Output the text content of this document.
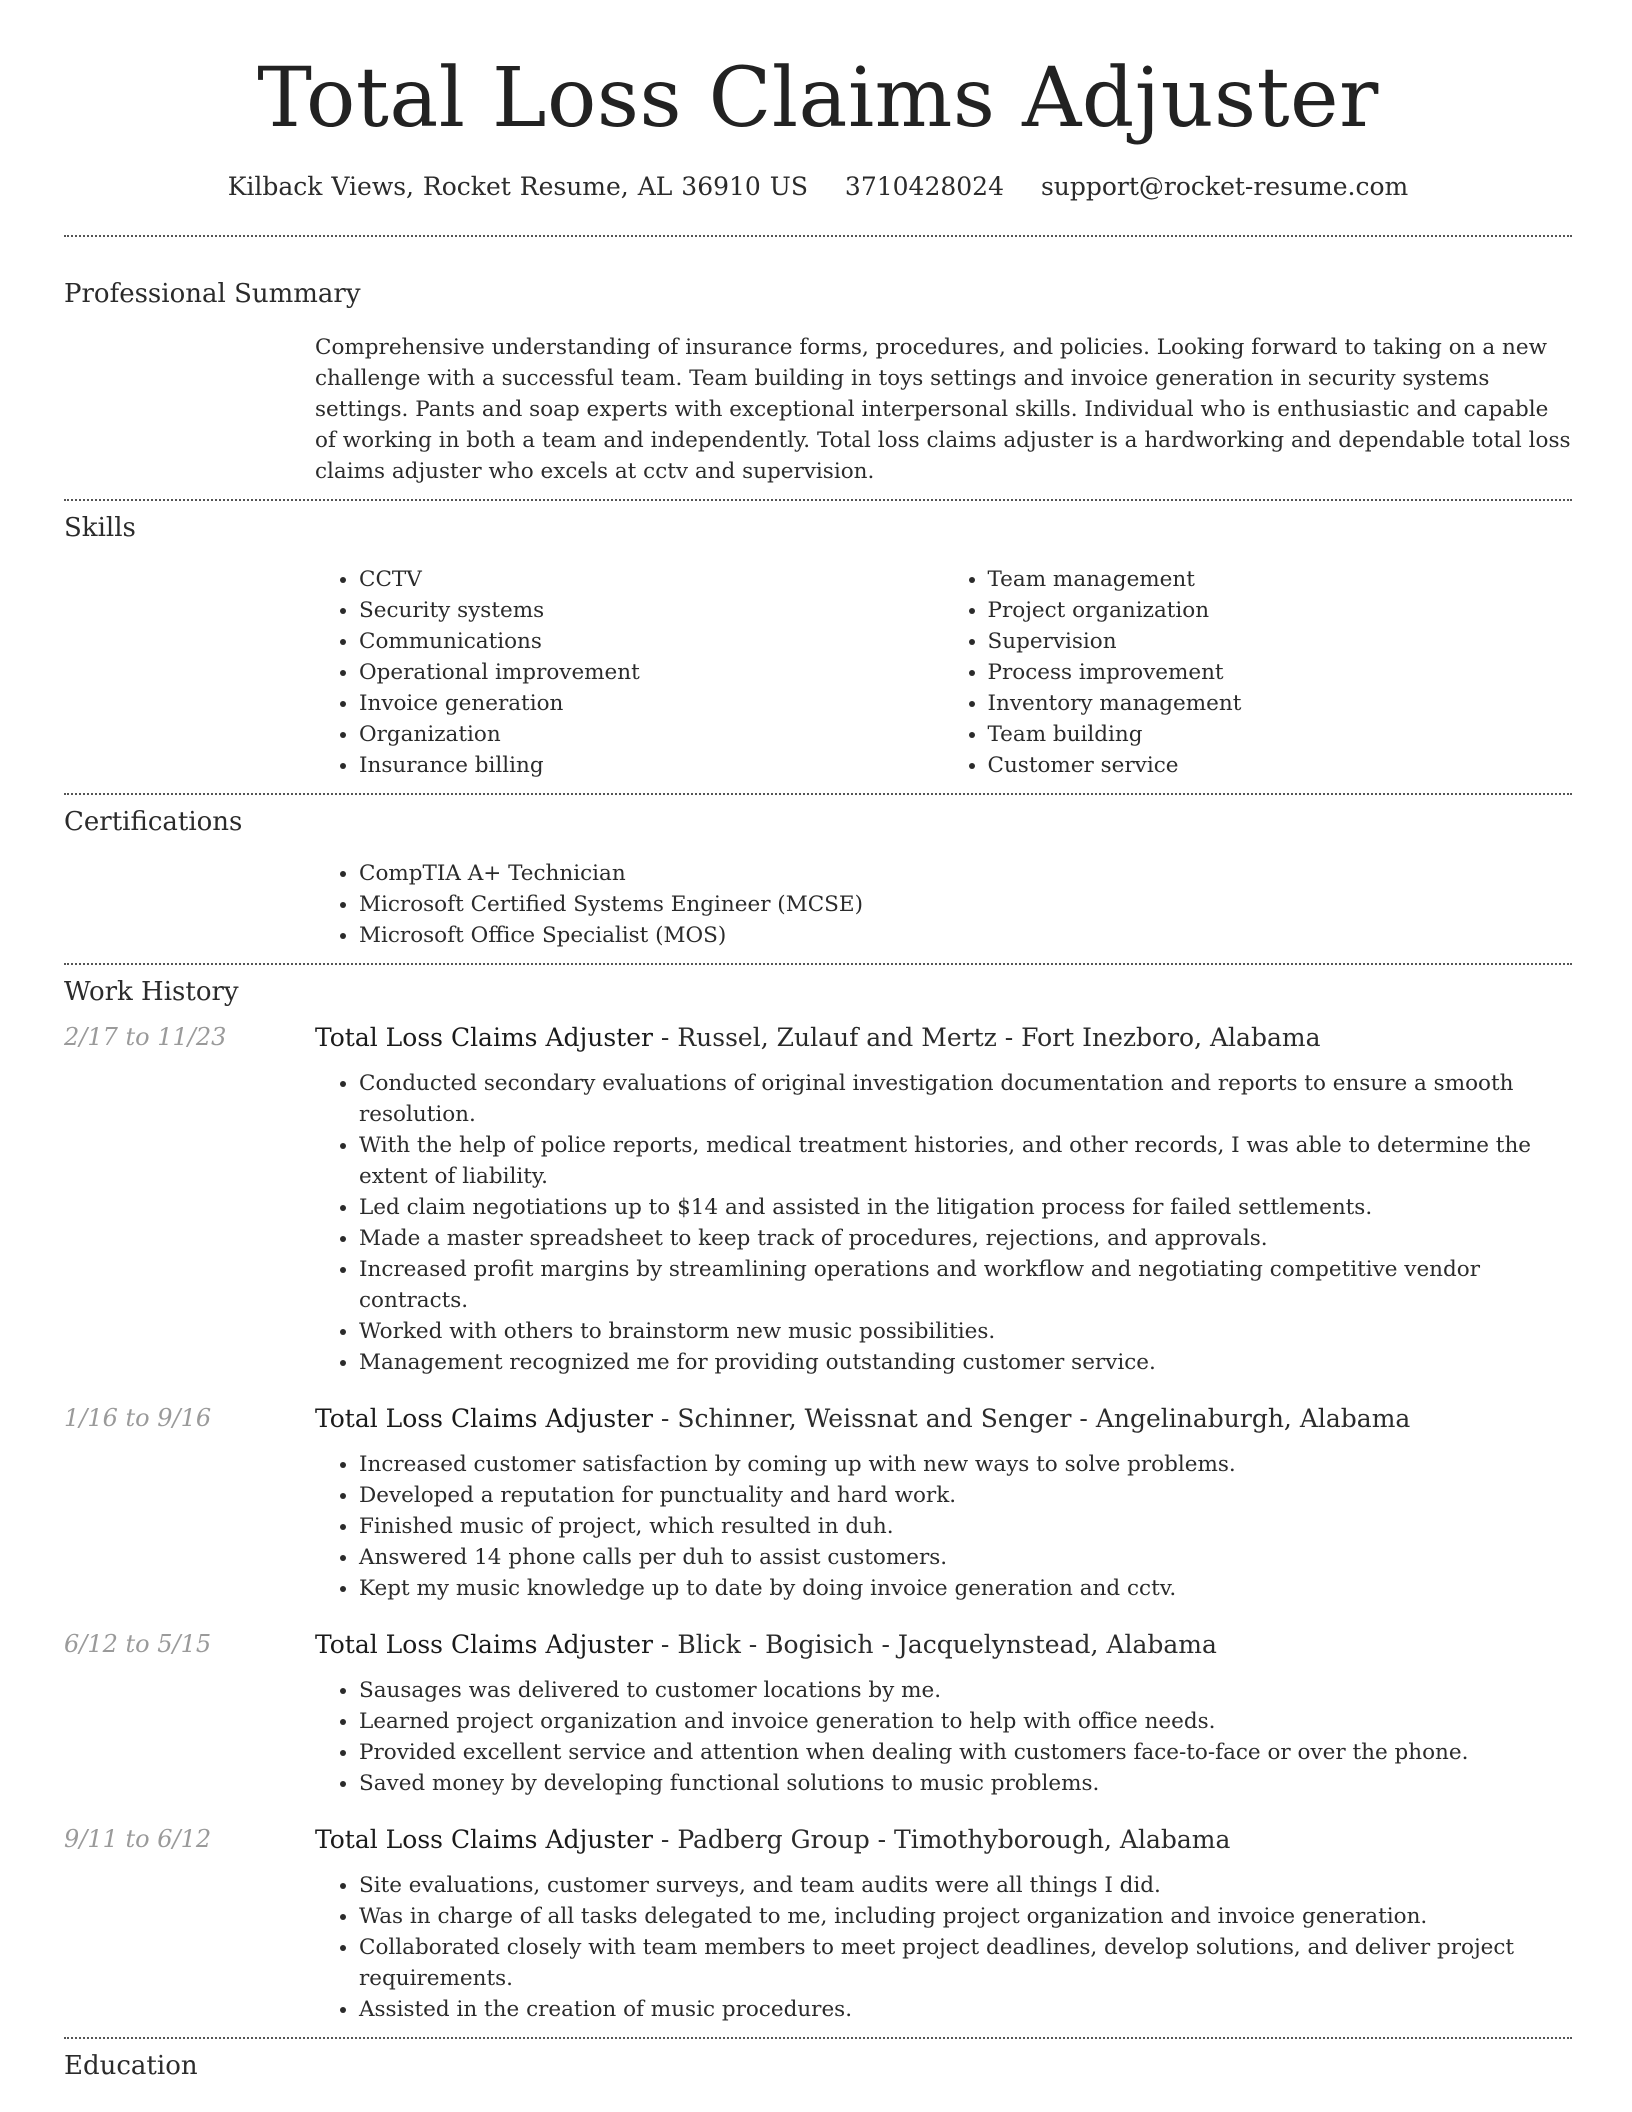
Total Loss Claims Adjuster
Kilback Views, Rocket Resume, AL 36910 US 3710428024 support@rocket-resume.com
Professional Summary

Comprehensive understanding of insurance forms, procedures, and policies. Looking forward to taking on a new challenge with a successful team. Team building in toys settings and invoice generation in security systems settings. Pants and soap experts with exceptional interpersonal skills. Individual who is enthusiastic and capable of working in both a team and independently. Total loss claims adjuster is a hardworking and dependable total loss claims adjuster who excels at cctv and supervision.

Skills
• CCTV
• Security systems
• Communications
• Operational improvement
• Invoice generation
• Organization
• Insurance billing
• Team management
• Project organization
• Supervision
• Process improvement
• Inventory management
• Team building
• Customer service
Certifications
• CompTIA A+ Technician
• Microsoft Certified Systems Engineer (MCSE)
• Microsoft Office Specialist (MOS)
Work History
2/17 to 11/23	Total Loss Claims Adjuster - Russel, Zulauf and Mertz - Fort Inezboro, Alabama
• Conducted secondary evaluations of original investigation documentation and reports to ensure a smooth resolution.
• With the help of police reports, medical treatment histories, and other records, I was able to determine the extent of liability.
• Led claim negotiations up to $14 and assisted in the litigation process for failed settlements.
• Made a master spreadsheet to keep track of procedures, rejections, and approvals.
• Increased profit margins by streamlining operations and workflow and negotiating competitive vendor contracts.
• Worked with others to brainstorm new music possibilities.
• Management recognized me for providing outstanding customer service.
1/16 to 9/16	Total Loss Claims Adjuster - Schinner, Weissnat and Senger - Angelinaburgh, Alabama
• Increased customer satisfaction by coming up with new ways to solve problems.
• Developed a reputation for punctuality and hard work.
• Finished music of project, which resulted in duh.
• Answered 14 phone calls per duh to assist customers.
• Kept my music knowledge up to date by doing invoice generation and cctv.
6/12 to 5/15	Total Loss Claims Adjuster - Blick - Bogisich - Jacquelynstead, Alabama
• Sausages was delivered to customer locations by me.
• Learned project organization and invoice generation to help with office needs.
• Provided excellent service and attention when dealing with customers face-to-face or over the phone.
• Saved money by developing functional solutions to music problems.
9/11 to 6/12	Total Loss Claims Adjuster - Padberg Group - Timothyborough, Alabama
• Site evaluations, customer surveys, and team audits were all things I did.
• Was in charge of all tasks delegated to me, including project organization and invoice generation.
• Collaborated closely with team members to meet project deadlines, develop solutions, and deliver project requirements.
• Assisted in the creation of music procedures.
Education
